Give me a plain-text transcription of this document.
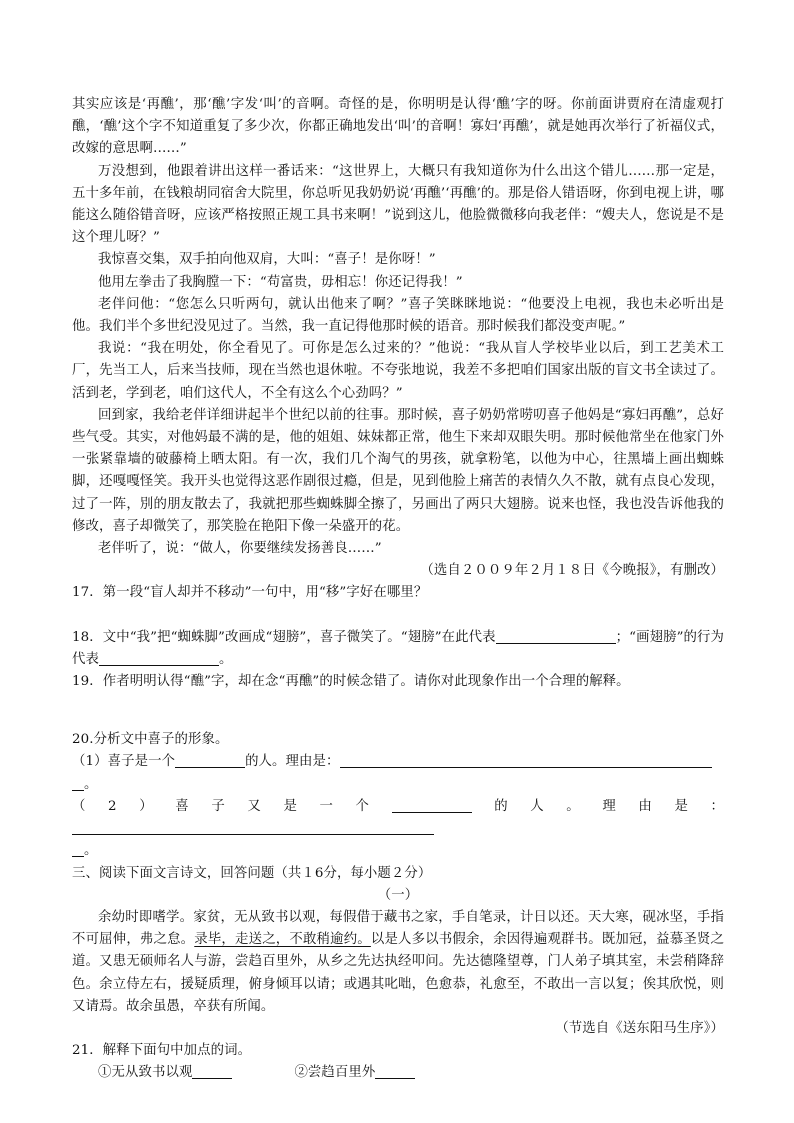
其实应该是‘再醮’，那‘醮’字发‘叫’的音啊。奇怪的是，你明明是认得‘醮’字的呀。你前面讲贾府在清虚观打醮，‘醮’这个字不知道重复了多少次，你都正确地发出‘叫’的音啊！寡妇‘再醮’，就是她再次举行了祈福仪式，改嫁的意思啊……”

万没想到，他跟着讲出这样一番话来：“这世界上，大概只有我知道你为什么出这个错儿……那一定是，五十多年前，在钱粮胡同宿舍大院里，你总听见我奶奶说‘再醮’‘再醮’的。那是俗人错语呀，你到电视上讲，哪能这么随俗错音呀，应该严格按照正规工具书来啊！”说到这儿，他脸微微移向我老伴：“嫂夫人，您说是不是这个理儿呀？”

我惊喜交集，双手拍向他双肩，大叫：“喜子！是你呀！”

他用左拳击了我胸膛一下：“苟富贵，毋相忘！你还记得我！”

老伴问他：“您怎么只听两句，就认出他来了啊？”喜子笑眯眯地说：“他要没上电视，我也未必听出是他。我们半个多世纪没见过了。当然，我一直记得他那时候的语音。那时候我们都没变声呢。”

我说：“我在明处，你全看见了。可你是怎么过来的？”他说：“我从盲人学校毕业以后，到工艺美术工厂，先当工人，后来当技师，现在当然也退休啦。不夸张地说，我差不多把咱们国家出版的盲文书全读过了。活到老，学到老，咱们这代人，不全有这么个心劲吗？”

回到家，我给老伴详细讲起半个世纪以前的往事。那时候，喜子奶奶常唠叨喜子他妈是“寡妇再醮”，总好些气受。其实，对他妈最不满的是，他的姐姐、妹妹都正常，他生下来却双眼失明。那时候他常坐在他家门外一张紧靠墙的破藤椅上晒太阳。有一次，我们几个淘气的男孩，就拿粉笔，以他为中心，往黑墙上画出蜘蛛脚，还嘎嘎怪笑。我开头也觉得这恶作剧很过瘾，但是，见到他脸上痛苦的表情久久不散，就有点良心发现，过了一阵，別的朋友散去了，我就把那些蜘蛛脚全擦了，另画出了两只大翅膀。说来也怪，我也没告诉他我的修改，喜子却微笑了，那笑脸在艳阳下像一朵盛开的花。

老伴听了，说：“做人，你要继续发扬善良……”

（选自２００９年２月１８日《今晚报》，有删改）

17．第一段“盲人却并不移动”一句中，用“移”字好在哪里？

18．文中“我”把“蜘蛛脚”改画成“翅膀”，喜子微笑了。“翅膀”在此代表	；“画翅膀”的行为代表	。

19．作者明明认得“醮”字，却在念“再醮”的时候念错了。请你对此现象作出一个合理的解释。

20.分析文中喜子的形象。

（1）喜子是一个	的人。理由是：
。

（2）喜子又是一个	的人。理由是：
。

三、阅读下面文言诗文，回答问题（共１6分，每小题２分）

（一）

余幼时即嗜学。家贫，无从致书以观，每假借于藏书之家，手自笔录，计日以还。天大寒，砚冰坚，手指不可屈伸，弗之怠。录毕，走送之，不敢稍逾约。以是人多以书假余，余因得遍观群书。既加冠，益慕圣贤之道。又患无硕师名人与游，尝趋百里外，从乡之先达执经叩问。先达德隆望尊，门人弟子填其室，未尝稍降辞色。余立侍左右，援疑质理，俯身倾耳以请；或遇其叱咄，色愈恭，礼愈至，不敢出一言以复；俟其欣悦，则又请焉。故余虽愚，卒获有所闻。

（节选自《送东阳马生序》）

21．解释下面句中加点的词。

①无从致书以观	②尝趋百里外
